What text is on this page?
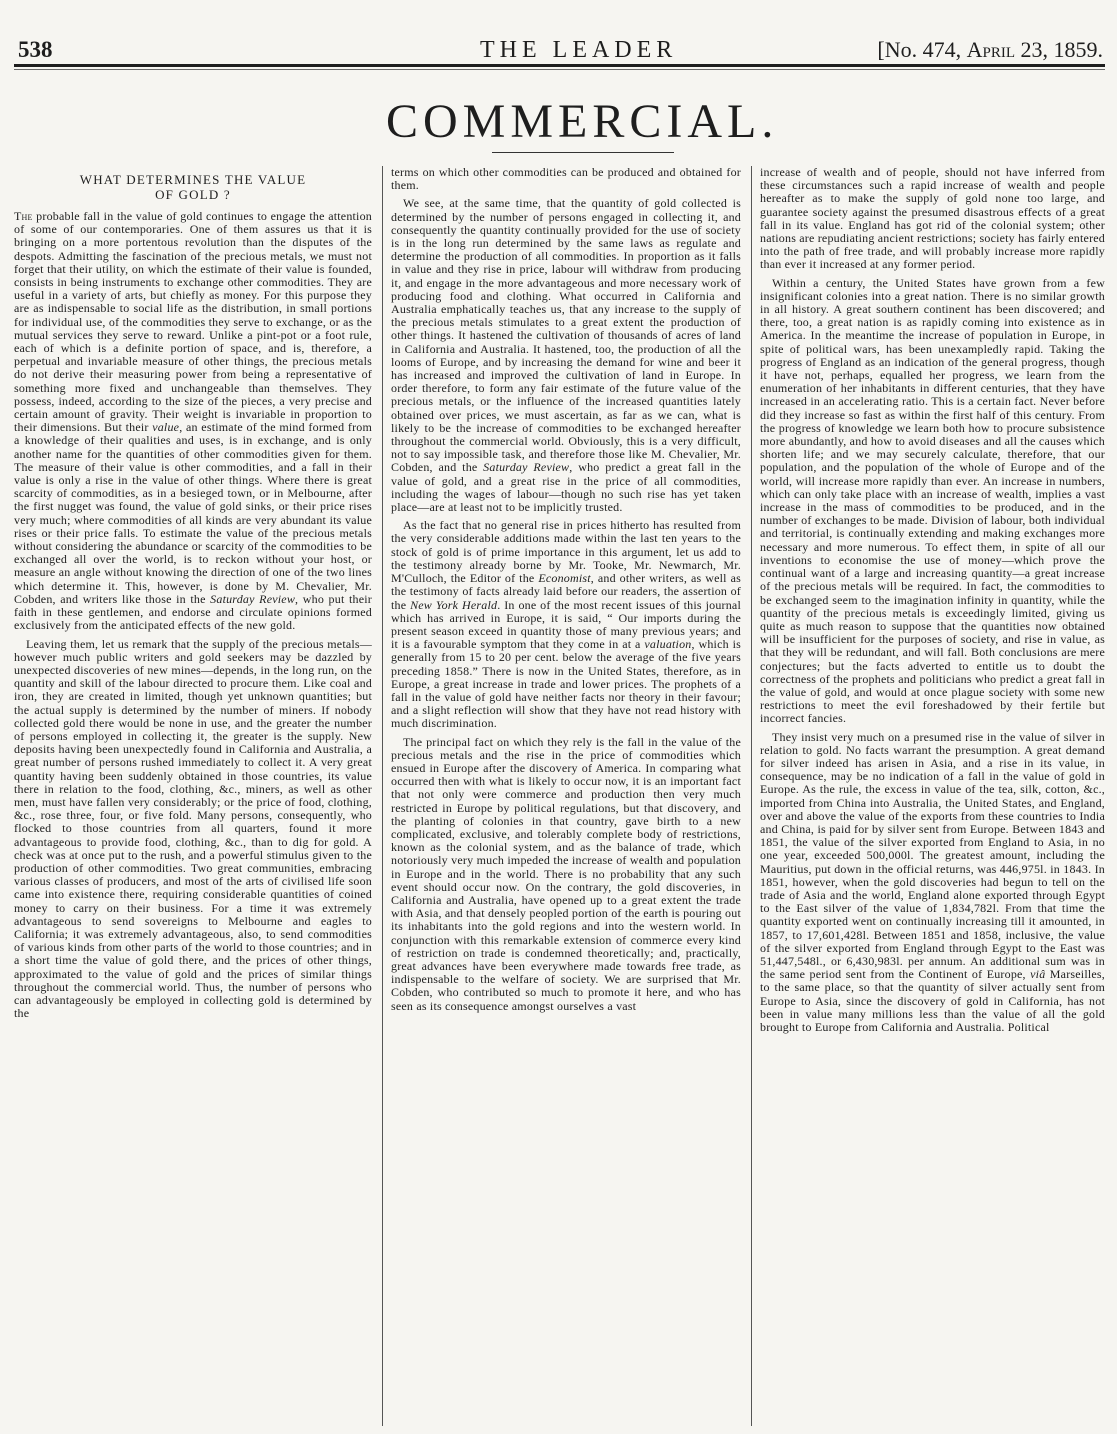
538	THE LEADER	[No. 474, April 23, 1859.
COMMERCIAL.
WHAT DETERMINES THE VALUE
OF GOLD ?

The probable fall in the value of gold continues to engage the attention of some of our contemporaries. One of them assures us that it is bringing on a more portentous revolution than the disputes of the despots. Admitting the fascination of the precious metals, we must not forget that their utility, on which the estimate of their value is founded, consists in being instruments to exchange other commodities. They are useful in a variety of arts, but chiefly as money. For this purpose they are as indispensable to social life as the distribution, in small portions for individual use, of the commodities they serve to exchange, or as the mutual services they serve to reward. Unlike a pint-pot or a foot rule, each of which is a definite portion of space, and is, therefore, a perpetual and invariable measure of other things, the precious metals do not derive their measuring power from being a representative of something more fixed and unchangeable than themselves. They possess, indeed, according to the size of the pieces, a very precise and certain amount of gravity. Their weight is invariable in proportion to their dimensions. But their value, an estimate of the mind formed from a knowledge of their qualities and uses, is in exchange, and is only another name for the quantities of other commodities given for them. The measure of their value is other commodities, and a fall in their value is only a rise in the value of other things. Where there is great scarcity of commodities, as in a besieged town, or in Melbourne, after the first nugget was found, the value of gold sinks, or their price rises very much; where commodities of all kinds are very abundant its value rises or their price falls. To estimate the value of the precious metals without considering the abundance or scarcity of the commodities to be exchanged all over the world, is to reckon without your host, or measure an angle without knowing the direction of one of the two lines which determine it. This, however, is done by M. Chevalier, Mr. Cobden, and writers like those in the Saturday Review, who put their faith in these gentlemen, and endorse and circulate opinions formed exclusively from the anticipated effects of the new gold.

Leaving them, let us remark that the supply of the precious metals—however much public writers and gold seekers may be dazzled by unexpected discoveries of new mines—depends, in the long run, on the quantity and skill of the labour directed to procure them. Like coal and iron, they are created in limited, though yet unknown quantities; but the actual supply is determined by the number of miners. If nobody collected gold there would be none in use, and the greater the number of persons employed in collecting it, the greater is the supply. New deposits having been unexpectedly found in California and Australia, a great number of persons rushed immediately to collect it. A very great quantity having been suddenly obtained in those countries, its value there in relation to the food, clothing, &c., miners, as well as other men, must have fallen very considerably; or the price of food, clothing, &c., rose three, four, or five fold. Many persons, consequently, who flocked to those countries from all quarters, found it more advantageous to provide food, clothing, &c., than to dig for gold. A check was at once put to the rush, and a powerful stimulus given to the production of other commodities. Two great communities, embracing various classes of producers, and most of the arts of civilised life soon came into existence there, requiring considerable quantities of coined money to carry on their business. For a time it was extremely advantageous to send sovereigns to Melbourne and eagles to California; it was extremely advantageous, also, to send commodities of various kinds from other parts of the world to those countries; and in a short time the value of gold there, and the prices of other things, approximated to the value of gold and the prices of similar things throughout the commercial world. Thus, the number of persons who can advantageously be employed in collecting gold is determined by the

terms on which other commodities can be produced and obtained for them.

We see, at the same time, that the quantity of gold collected is determined by the number of persons engaged in collecting it, and consequently the quantity continually provided for the use of society is in the long run determined by the same laws as regulate and determine the production of all commodities. In proportion as it falls in value and they rise in price, labour will withdraw from producing it, and engage in the more advantageous and more necessary work of producing food and clothing. What occurred in California and Australia emphatically teaches us, that any increase to the supply of the precious metals stimulates to a great extent the production of other things. It hastened the cultivation of thousands of acres of land in California and Australia. It hastened, too, the production of all the looms of Europe, and by increasing the demand for wine and beer it has increased and improved the cultivation of land in Europe. In order therefore, to form any fair estimate of the future value of the precious metals, or the influence of the increased quantities lately obtained over prices, we must ascertain, as far as we can, what is likely to be the increase of commodities to be exchanged hereafter throughout the commercial world. Obviously, this is a very difficult, not to say impossible task, and therefore those like M. Chevalier, Mr. Cobden, and the Saturday Review, who predict a great fall in the value of gold, and a great rise in the price of all commodities, including the wages of labour—though no such rise has yet taken place—are at least not to be implicitly trusted.

As the fact that no general rise in prices hitherto has resulted from the very considerable additions made within the last ten years to the stock of gold is of prime importance in this argument, let us add to the testimony already borne by Mr. Tooke, Mr. Newmarch, Mr. M'Culloch, the Editor of the Economist, and other writers, as well as the testimony of facts already laid before our readers, the assertion of the New York Herald. In one of the most recent issues of this journal which has arrived in Europe, it is said, “ Our imports during the present season exceed in quantity those of many previous years; and it is a favourable symptom that they come in at a valuation, which is generally from 15 to 20 per cent. below the average of the five years preceding 1858.” There is now in the United States, therefore, as in Europe, a great increase in trade and lower prices. The prophets of a fall in the value of gold have neither facts nor theory in their favour; and a slight reflection will show that they have not read history with much discrimination.

The principal fact on which they rely is the fall in the value of the precious metals and the rise in the price of commodities which ensued in Europe after the discovery of America. In comparing what occurred then with what is likely to occur now, it is an important fact that not only were commerce and production then very much restricted in Europe by political regulations, but that discovery, and the planting of colonies in that country, gave birth to a new complicated, exclusive, and tolerably complete body of restrictions, known as the colonial system, and as the balance of trade, which notoriously very much impeded the increase of wealth and population in Europe and in the world. There is no probability that any such event should occur now. On the contrary, the gold discoveries, in California and Australia, have opened up to a great extent the trade with Asia, and that densely peopled portion of the earth is pouring out its inhabitants into the gold regions and into the western world. In conjunction with this remarkable extension of commerce every kind of restriction on trade is condemned theoretically; and, practically, great advances have been everywhere made towards free trade, as indispensable to the welfare of society. We are surprised that Mr. Cobden, who contributed so much to promote it here, and who has seen as its consequence amongst ourselves a vast

increase of wealth and of people, should not have inferred from these circumstances such a rapid increase of wealth and people hereafter as to make the supply of gold none too large, and guarantee society against the presumed disastrous effects of a great fall in its value. England has got rid of the colonial system; other nations are repudiating ancient restrictions; society has fairly entered into the path of free trade, and will probably increase more rapidly than ever it increased at any former period.

Within a century, the United States have grown from a few insignificant colonies into a great nation. There is no similar growth in all history. A great southern continent has been discovered; and there, too, a great nation is as rapidly coming into existence as in America. In the meantime the increase of population in Europe, in spite of political wars, has been unexampledly rapid. Taking the progress of England as an indication of the general progress, though it have not, perhaps, equalled her progress, we learn from the enumeration of her inhabitants in different centuries, that they have increased in an accelerating ratio. This is a certain fact. Never before did they increase so fast as within the first half of this century. From the progress of knowledge we learn both how to procure subsistence more abundantly, and how to avoid diseases and all the causes which shorten life; and we may securely calculate, therefore, that our population, and the population of the whole of Europe and of the world, will increase more rapidly than ever. An increase in numbers, which can only take place with an increase of wealth, implies a vast increase in the mass of commodities to be produced, and in the number of exchanges to be made. Division of labour, both individual and territorial, is continually extending and making exchanges more necessary and more numerous. To effect them, in spite of all our inventions to economise the use of money—which prove the continual want of a large and increasing quantity—a great increase of the precious metals will be required. In fact, the commodities to be exchanged seem to the imagination infinity in quantity, while the quantity of the precious metals is exceedingly limited, giving us quite as much reason to suppose that the quantities now obtained will be insufficient for the purposes of society, and rise in value, as that they will be redundant, and will fall. Both conclusions are mere conjectures; but the facts adverted to entitle us to doubt the correctness of the prophets and politicians who predict a great fall in the value of gold, and would at once plague society with some new restrictions to meet the evil foreshadowed by their fertile but incorrect fancies.

They insist very much on a presumed rise in the value of silver in relation to gold. No facts warrant the presumption. A great demand for silver indeed has arisen in Asia, and a rise in its value, in consequence, may be no indication of a fall in the value of gold in Europe. As the rule, the excess in value of the tea, silk, cotton, &c., imported from China into Australia, the United States, and England, over and above the value of the exports from these countries to India and China, is paid for by silver sent from Europe. Between 1843 and 1851, the value of the silver exported from England to Asia, in no one year, exceeded 500,000l. The greatest amount, including the Mauritius, put down in the official returns, was 446,975l. in 1843. In 1851, however, when the gold discoveries had begun to tell on the trade of Asia and the world, England alone exported through Egypt to the East silver of the value of 1,834,782l. From that time the quantity exported went on continually increasing till it amounted, in 1857, to 17,601,428l. Between 1851 and 1858, inclusive, the value of the silver exported from England through Egypt to the East was 51,447,548l., or 6,430,983l. per annum. An additional sum was in the same period sent from the Continent of Europe, viâ Marseilles, to the same place, so that the quantity of silver actually sent from Europe to Asia, since the discovery of gold in California, has not been in value many millions less than the value of all the gold brought to Europe from California and Australia. Political
